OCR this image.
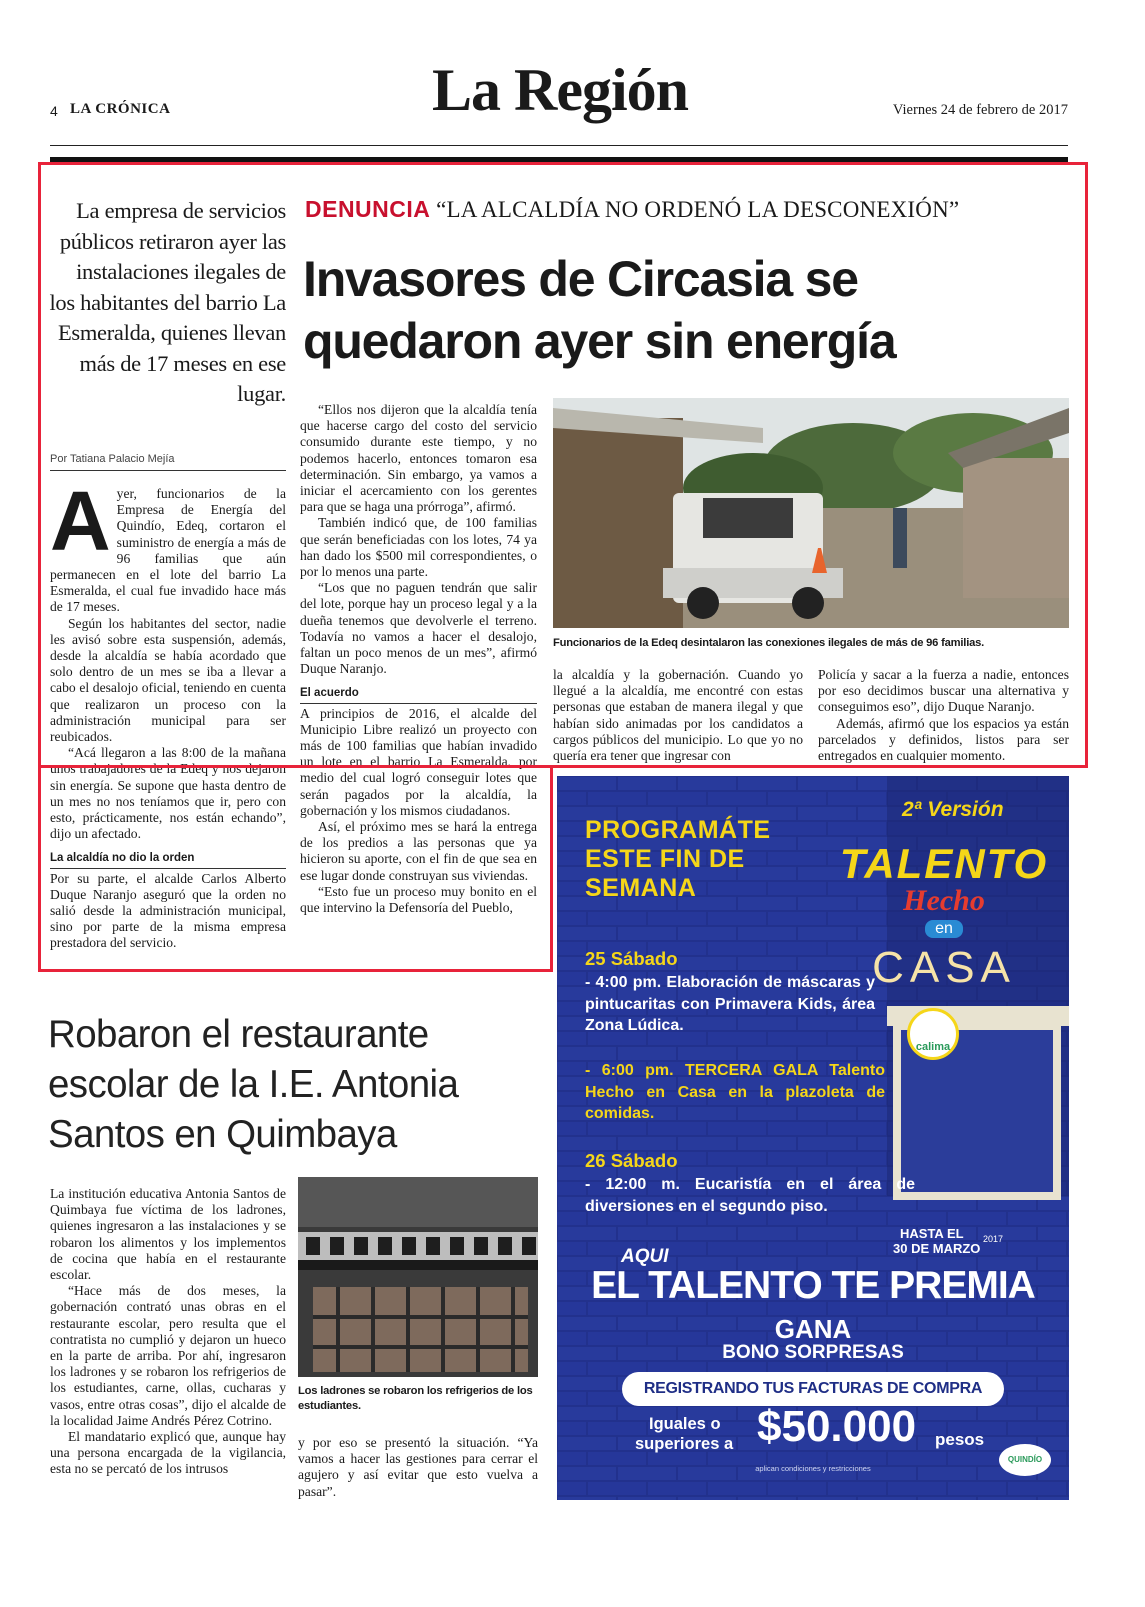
4 LA CRÓNICA	La Región	Viernes 24 de febrero de 2017
La empresa de servicios públicos retiraron ayer las instalaciones ilegales de los habitantes del barrio La Esmeralda, quienes llevan más de 17 meses en ese lugar.
Por Tatiana Palacio Mejía
DENUNCIA “LA ALCALDÍA NO ORDENÓ LA DESCONEXIÓN”
Invasores de Circasia se
quedaron ayer sin energía

A yer, funcionarios de la Empresa de Energía del Quindío, Edeq, cortaron el suministro de energía a más de 96 familias que aún permanecen en el lote del barrio La Esmeralda, el cual fue invadido hace más de 17 meses.

Según los habitantes del sector, nadie les avisó sobre esta suspensión, además, desde la alcaldía se había acordado que solo dentro de un mes se iba a llevar a cabo el desalojo oficial, teniendo en cuenta que realizaron un proceso con la administración municipal para ser reubicados.

“Acá llegaron a las 8:00 de la mañana unos trabajadores de la Edeq y nos dejaron sin energía. Se supone que hasta dentro de un mes no nos teníamos que ir, pero con esto, prácticamente, nos están echando”, dijo un afectado.

La alcaldía no dio la orden

Por su parte, el alcalde Carlos Alberto Duque Naranjo aseguró que la orden no salió desde la administración municipal, sino por parte de la misma empresa prestadora del servicio.

“Ellos nos dijeron que la alcaldía tenía que hacerse cargo del costo del servicio consumido durante este tiempo, y no podemos hacerlo, entonces tomaron esa determinación. Sin embargo, ya vamos a iniciar el acercamiento con los gerentes para que se haga una prórroga”, afirmó.

También indicó que, de 100 familias que serán beneficiadas con los lotes, 74 ya han dado los $500 mil correspondientes, o por lo menos una parte.

“Los que no paguen tendrán que salir del lote, porque hay un proceso legal y a la dueña tenemos que devolverle el terreno. Todavía no vamos a hacer el desalojo, faltan un poco menos de un mes”, afirmó Duque Naranjo.

El acuerdo

A principios de 2016, el alcalde del Municipio Libre realizó un proyecto con más de 100 familias que habían invadido un lote en el barrio La Esmeralda, por medio del cual logró conseguir lotes que serán pagados por la alcaldía, la gobernación y los mismos ciudadanos.

Así, el próximo mes se hará la entrega de los predios a las personas que ya hicieron su aporte, con el fin de que sea en ese lugar donde construyan sus viviendas.

“Esto fue un proceso muy bonito en el que intervino la Defensoría del Pueblo,

Funcionarios de la Edeq desintalaron las conexiones ilegales de más de 96 familias.

la alcaldía y la gobernación. Cuando yo llegué a la alcaldía, me encontré con estas personas que estaban de manera ilegal y que habían sido animadas por los candidatos a cargos públicos del municipio. Lo que yo no quería era tener que ingresar con

Policía y sacar a la fuerza a nadie, entonces por eso decidimos buscar una alternativa y conseguimos eso”, dijo Duque Naranjo.

Además, afirmó que los espacios ya están parcelados y definidos, listos para ser entregados en cualquier momento.

Robaron el restaurante escolar de la I.E. Antonia Santos en Quimbaya

La institución educativa Antonia Santos de Quimbaya fue víctima de los ladrones, quienes ingresaron a las instalaciones y se robaron los alimentos y los implementos de cocina que había en el restaurante escolar.

“Hace más de dos meses, la gobernación contrató unas obras en el restaurante escolar, pero resulta que el contratista no cumplió y dejaron un hueco en la parte de arriba. Por ahí, ingresaron los ladrones y se robaron los refrigerios de los estudiantes, carne, ollas, cucharas y vasos, entre otras cosas”, dijo el alcalde de la localidad Jaime Andrés Pérez Cotrino.

El mandatario explicó que, aunque hay una persona encargada de la vigilancia, esta no se percató de los intrusos

Los ladrones se robaron los refrigerios de los estudiantes.

y por eso se presentó la situación. “Ya vamos a hacer las gestiones para cerrar el agujero y así evitar que esto vuelva a pasar”.

PROGRAMÁTE ESTE FIN DE SEMANA
2ª Versión
TALENTO
Hecho
en
CASA
calima
25 Sábado
- 4:00 pm. Elaboración de máscaras y pintucaritas con Primavera Kids, área Zona Lúdica.
- 6:00 pm. TERCERA GALA Talento Hecho en Casa en la plazoleta de comidas.
26 Sábado
- 12:00 m. Eucaristía en el área de diversiones en el segundo piso.
HASTA EL
30 DE MARZO
2017
AQUI
EL TALENTO TE PREMIA
GANA
BONO SORPRESAS
REGISTRANDO TUS FACTURAS DE COMPRA
Iguales o
superiores a $50.000 pesos
aplican condiciones y restricciones
QUINDÍO
